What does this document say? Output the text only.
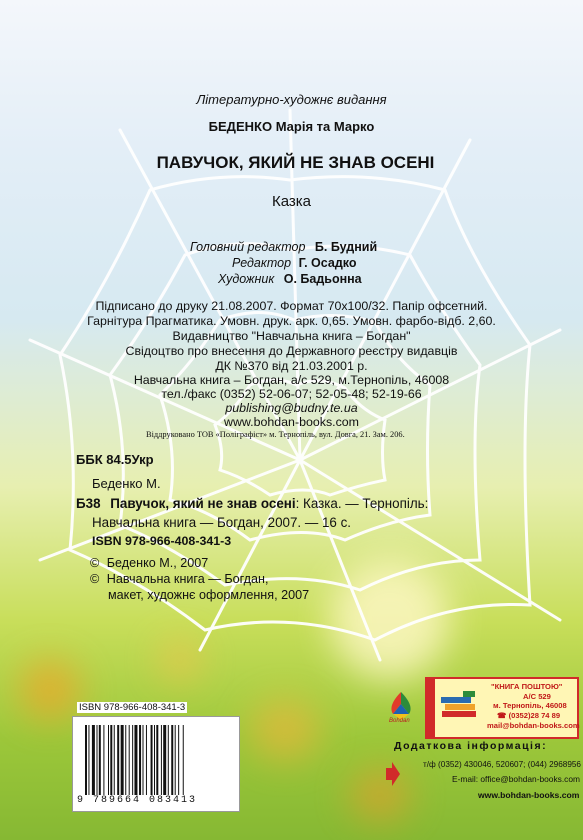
Літературно-художнє видання
БЕДЕНКО Марія та Марко
ПАВУЧОК, ЯКИЙ НЕ ЗНАВ ОСЕНІ
Казка
Головний редактор Б. Будний
Редактор Г. Осадко
Художник О. Бадьонна
Підписано до друку 21.08.2007. Формат 70х100/32. Папір офсетний.
Гарнітура Прагматика. Умовн. друк. арк. 0,65. Умовн. фарбо-відб. 2,60.
Видавництво "Навчальна книга – Богдан"
Свідоцтво про внесення до Державного реєстру видавців
ДК №370 від 21.03.2001 р.
Навчальна книга – Богдан, а/с 529, м.Тернопіль, 46008
тел./факс (0352) 52-06-07; 52-05-48; 52-19-66
publishing@budny.te.ua
www.bohdan-books.com
Віддруковано ТОВ «Поліграфіст» м. Тернопіль, вул. Довга, 21. Зам. 206.
ББК 84.5Укр
Беденко М.
Б38 Павучок, який не знав осені: Казка. — Тернопіль:
Навчальна книга — Богдан, 2007. — 16 с.
ISBN 978-966-408-341-3
© Беденко М., 2007
© Навчальна книга — Богдан,
макет, художнє оформлення, 2007
ISBN 978-966-408-341-3
9 789664 083413
Bohdan
"КНИГА ПОШТОЮ"
А/С 529
м. Тернопіль, 46008
☎ (0352)28 74 89
mail@bohdan-books.com
Додаткова інформація:
т/ф (0352) 430046, 520607; (044) 2968956
E-mail: office@bohdan-books.com
www.bohdan-books.com
